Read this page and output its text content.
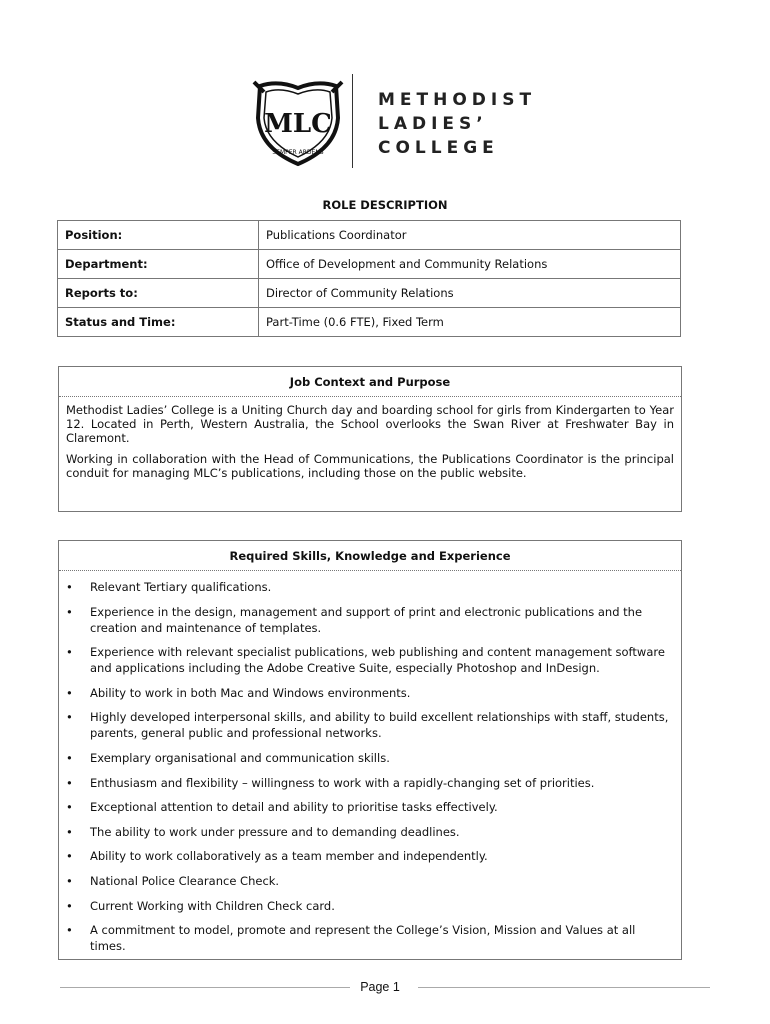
MLC
SEMPER ARDENS
METHODIST
LADIES’
COLLEGE
ROLE DESCRIPTION
Position:	Publications Coordinator
Department:	Office of Development and Community Relations
Reports to:	Director of Community Relations
Status and Time:	Part-Time (0.6 FTE), Fixed Term
Job Context and Purpose

Methodist Ladies’ College is a Uniting Church day and boarding school for girls from Kindergarten to Year 12. Located in Perth, Western Australia, the School overlooks the Swan River at Freshwater Bay in Claremont.

Working in collaboration with the Head of Communications, the Publications Coordinator is the principal conduit for managing MLC’s publications, including those on the public website.

Required Skills, Knowledge and Experience
• Relevant Tertiary qualifications.
• Experience in the design, management and support of print and electronic publications and the creation and maintenance of templates.
• Experience with relevant specialist publications, web publishing and content management software and applications including the Adobe Creative Suite, especially Photoshop and InDesign.
• Ability to work in both Mac and Windows environments.
• Highly developed interpersonal skills, and ability to build excellent relationships with staff, students, parents, general public and professional networks.
• Exemplary organisational and communication skills.
• Enthusiasm and flexibility – willingness to work with a rapidly-changing set of priorities.
• Exceptional attention to detail and ability to prioritise tasks effectively.
• The ability to work under pressure and to demanding deadlines.
• Ability to work collaboratively as a team member and independently.
• National Police Clearance Check.
• Current Working with Children Check card.
• A commitment to model, promote and represent the College’s Vision, Mission and Values at all times.
Page 1
